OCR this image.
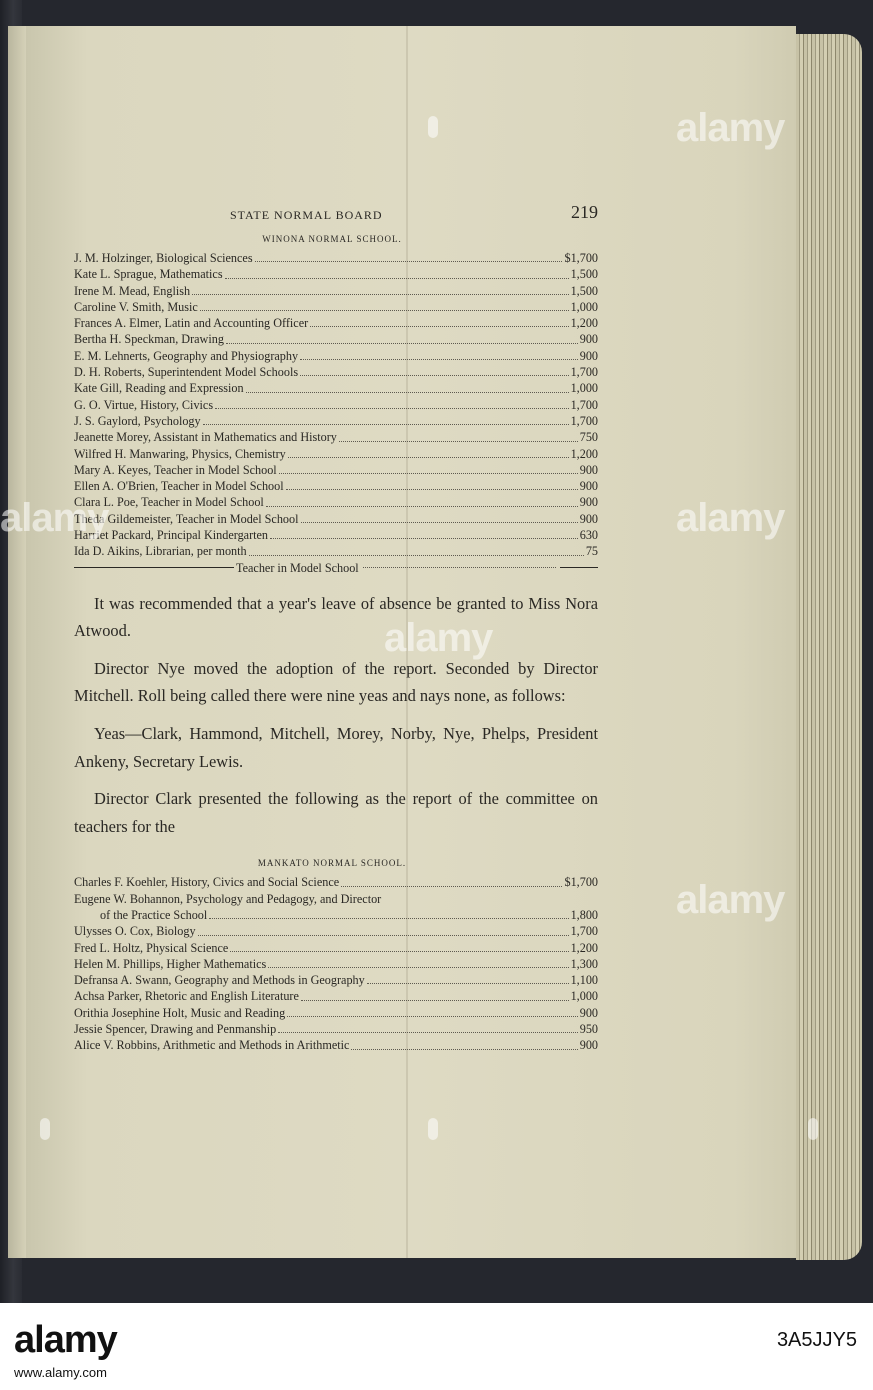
STATE NORMAL BOARD	219
WINONA NORMAL SCHOOL.
J. M. Holzinger, Biological Sciences	$1,700
Kate L. Sprague, Mathematics	1,500
Irene M. Mead, English	1,500
Caroline V. Smith, Music	1,000
Frances A. Elmer, Latin and Accounting Officer	1,200
Bertha H. Speckman, Drawing	900
E. M. Lehnerts, Geography and Physiography	900
D. H. Roberts, Superintendent Model Schools	1,700
Kate Gill, Reading and Expression	1,000
G. O. Virtue, History, Civics	1,700
J. S. Gaylord, Psychology	1,700
Jeanette Morey, Assistant in Mathematics and History	750
Wilfred H. Manwaring, Physics, Chemistry	1,200
Mary A. Keyes, Teacher in Model School	900
Ellen A. O'Brien, Teacher in Model School	900
Clara L. Poe, Teacher in Model School	900
Theda Gildemeister, Teacher in Model School	900
Harriet Packard, Principal Kindergarten	630
Ida D. Aikins, Librarian, per month	75
Teacher in Model School

It was recommended that a year's leave of absence be granted to Miss Nora Atwood.

Director Nye moved the adoption of the report. Seconded by Director Mitchell. Roll being called there were nine yeas and nays none, as follows:

Yeas—Clark, Hammond, Mitchell, Morey, Norby, Nye, Phelps, President Ankeny, Secretary Lewis.

Director Clark presented the following as the report of the committee on teachers for the

MANKATO NORMAL SCHOOL.
Charles F. Koehler, History, Civics and Social Science	$1,700
Eugene W. Bohannon, Psychology and Pedagogy, and Director
of the Practice School	1,800
Ulysses O. Cox, Biology	1,700
Fred L. Holtz, Physical Science	1,200
Helen M. Phillips, Higher Mathematics	1,300
Defransa A. Swann, Geography and Methods in Geography	1,100
Achsa Parker, Rhetoric and English Literature	1,000
Orithia Josephine Holt, Music and Reading	900
Jessie Spencer, Drawing and Penmanship	950
Alice V. Robbins, Arithmetic and Methods in Arithmetic	900
alamy
alamy
alamy
alamy
alamy
alamy	3A5JJY5
www.alamy.com
